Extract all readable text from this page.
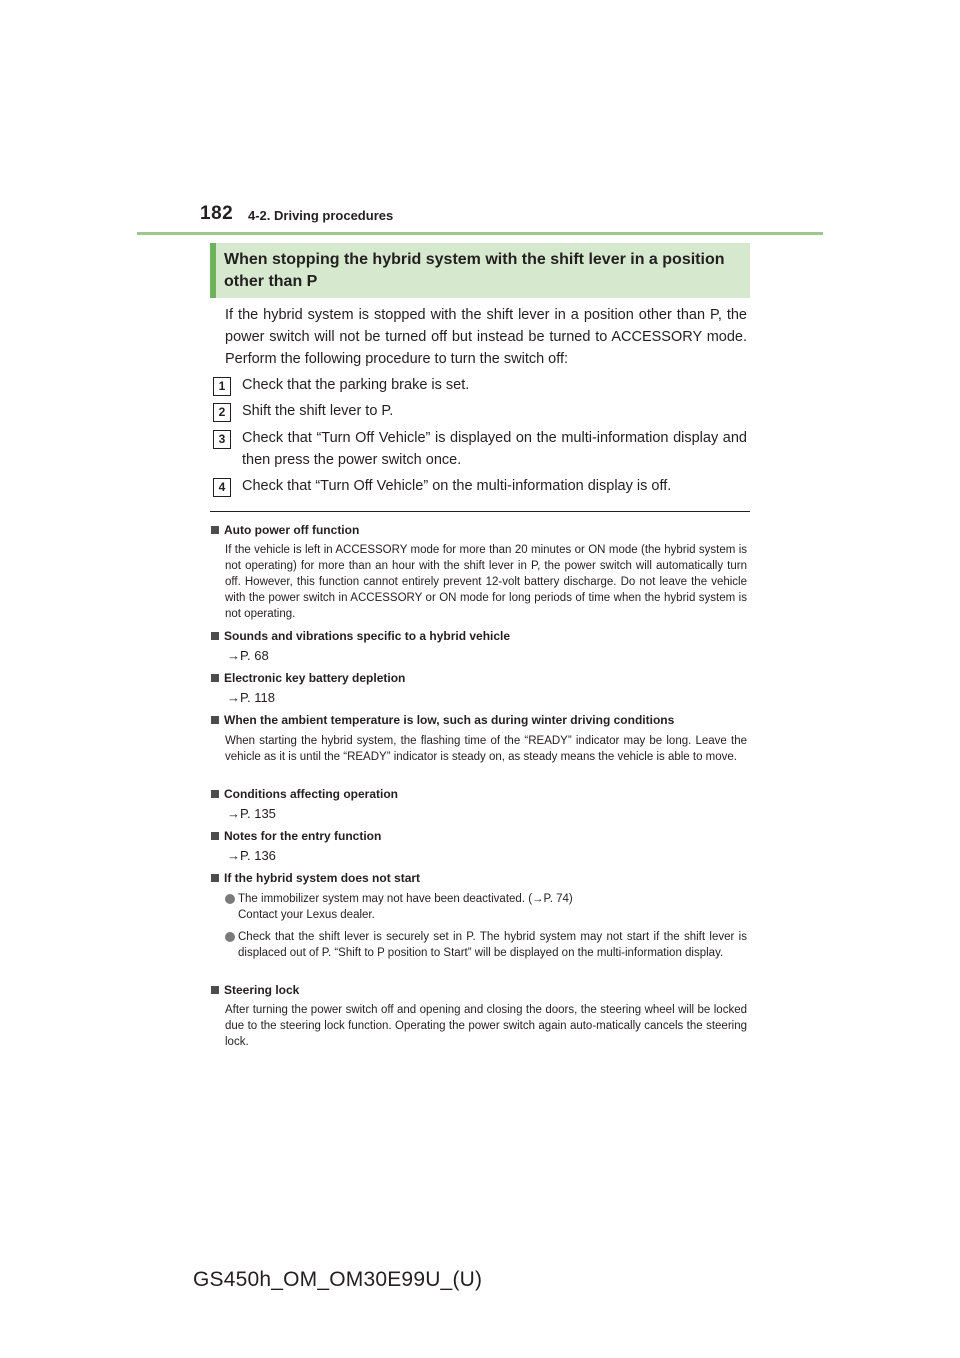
182 4-2. Driving procedures
When stopping the hybrid system with the shift lever in a position other than P
If the hybrid system is stopped with the shift lever in a position other than P, the power switch will not be turned off but instead be turned to ACCESSORY mode. Perform the following procedure to turn the switch off:
1	Check that the parking brake is set.
2	Shift the shift lever to P.
3	Check that “Turn Off Vehicle” is displayed on the multi-information display and then press the power switch once.
4	Check that “Turn Off Vehicle” on the multi-information display is off.
Auto power off function
If the vehicle is left in ACCESSORY mode for more than 20 minutes or ON mode (the hybrid system is not operating) for more than an hour with the shift lever in P, the power switch will automatically turn off. However, this function cannot entirely prevent 12-volt battery discharge. Do not leave the vehicle with the power switch in ACCESSORY or ON mode for long periods of time when the hybrid system is not operating.
Sounds and vibrations specific to a hybrid vehicle
→P. 68
Electronic key battery depletion
→P. 118
When the ambient temperature is low, such as during winter driving conditions
When starting the hybrid system, the flashing time of the “READY” indicator may be long. Leave the vehicle as it is until the “READY” indicator is steady on, as steady means the vehicle is able to move.
Conditions affecting operation
→P. 135
Notes for the entry function
→P. 136
If the hybrid system does not start
The immobilizer system may not have been deactivated. (→P. 74)
Contact your Lexus dealer.
Check that the shift lever is securely set in P. The hybrid system may not start if the shift lever is displaced out of P. “Shift to P position to Start” will be displayed on the multi-information display.
Steering lock
After turning the power switch off and opening and closing the doors, the steering wheel will be locked due to the steering lock function. Operating the power switch again auto-matically cancels the steering lock.
GS450h_OM_OM30E99U_(U)
